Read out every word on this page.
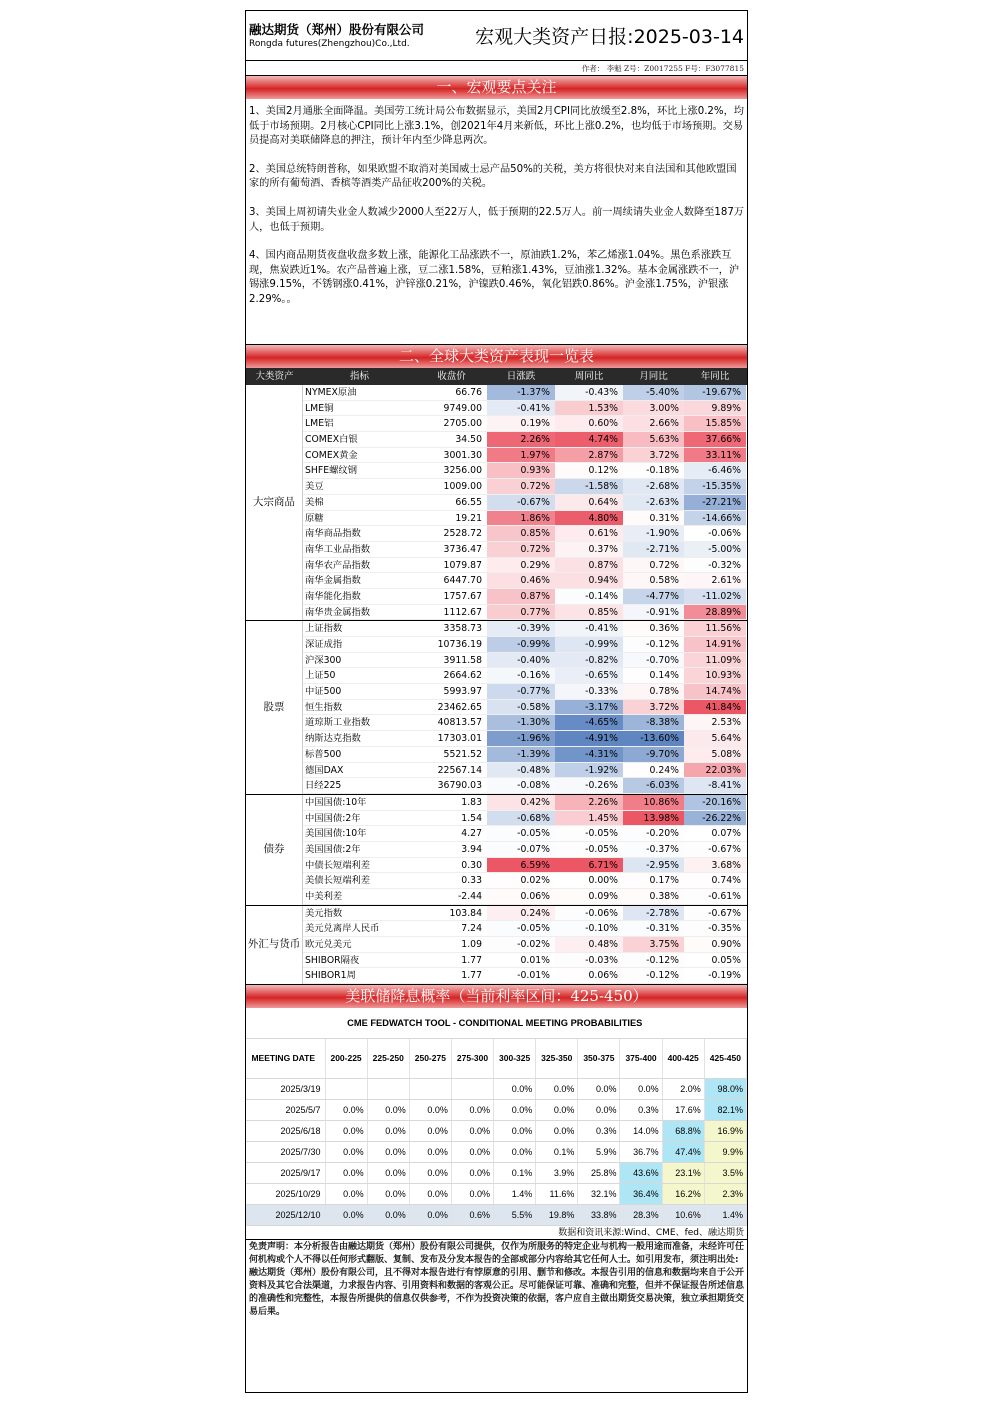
融达期货（郑州）股份有限公司
Rongda futures(Zhengzhou)Co.,Ltd.	宏观大类资产日报:2025-03-14
作者： 李魁 Z号：Z0017255 F号：F3077815
一、宏观要点关注

1、美国2月通胀全面降温。美国劳工统计局公布数据显示，美国2月CPI同比放缓至2.8%，环比上涨0.2%，均低于市场预期。2月核心CPI同比上涨3.1%，创2021年4月来新低，环比上涨0.2%，也均低于市场预期。交易员提高对美联储降息的押注，预计年内至少降息两次。

2、美国总统特朗普称，如果欧盟不取消对美国威士忌产品50%的关税，美方将很快对来自法国和其他欧盟国家的所有葡萄酒、香槟等酒类产品征收200%的关税。

3、美国上周初请失业金人数减少2000人至22万人，低于预期的22.5万人。前一周续请失业金人数降至187万人，也低于预期。

4、国内商品期货夜盘收盘多数上涨，能源化工品涨跌不一，原油跌1.2%，苯乙烯涨1.04%。黑色系涨跌互现，焦炭跌近1%。农产品普遍上涨，豆二涨1.58%，豆粕涨1.43%，豆油涨1.32%。基本金属涨跌不一，沪锡涨9.15%，不锈钢涨0.41%，沪锌涨0.21%，沪镍跌0.46%，氧化铝跌0.86%。沪金涨1.75%，沪银涨2.29%。。

二、全球大类资产表现一览表
大类资产	指标	收盘价	日涨跌	周同比	月同比	年同比
大宗商品
NYMEX原油	66.76	-1.37%	-0.43%	-5.40%	-19.67%
LME铜	9749.00	-0.41%	1.53%	3.00%	9.89%
LME铝	2705.00	0.19%	0.60%	2.66%	15.85%
COMEX白银	34.50	2.26%	4.74%	5.63%	37.66%
COMEX黄金	3001.30	1.97%	2.87%	3.72%	33.11%
SHFE螺纹钢	3256.00	0.93%	0.12%	-0.18%	-6.46%
美豆	1009.00	0.72%	-1.58%	-2.68%	-15.35%
美棉	66.55	-0.67%	0.64%	-2.63%	-27.21%
原糖	19.21	1.86%	4.80%	0.31%	-14.66%
南华商品指数	2528.72	0.85%	0.61%	-1.90%	-0.06%
南华工业品指数	3736.47	0.72%	0.37%	-2.71%	-5.00%
南华农产品指数	1079.87	0.29%	0.87%	0.72%	-0.32%
南华金属指数	6447.70	0.46%	0.94%	0.58%	2.61%
南华能化指数	1757.67	0.87%	-0.14%	-4.77%	-11.02%
南华贵金属指数	1112.67	0.77%	0.85%	-0.91%	28.89%
股票
上证指数	3358.73	-0.39%	-0.41%	0.36%	11.56%
深证成指	10736.19	-0.99%	-0.99%	-0.12%	14.91%
沪深300	3911.58	-0.40%	-0.82%	-0.70%	11.09%
上证50	2664.62	-0.16%	-0.65%	0.14%	10.93%
中证500	5993.97	-0.77%	-0.33%	0.78%	14.74%
恒生指数	23462.65	-0.58%	-3.17%	3.72%	41.84%
道琼斯工业指数	40813.57	-1.30%	-4.65%	-8.38%	2.53%
纳斯达克指数	17303.01	-1.96%	-4.91%	-13.60%	5.64%
标普500	5521.52	-1.39%	-4.31%	-9.70%	5.08%
德国DAX	22567.14	-0.48%	-1.92%	0.24%	22.03%
日经225	36790.03	-0.08%	-0.26%	-6.03%	-8.41%
债券
中国国债:10年	1.83	0.42%	2.26%	10.86%	-20.16%
中国国债:2年	1.54	-0.68%	1.45%	13.98%	-26.22%
美国国债:10年	4.27	-0.05%	-0.05%	-0.20%	0.07%
美国国债:2年	3.94	-0.07%	-0.05%	-0.37%	-0.67%
中债长短端利差	0.30	6.59%	6.71%	-2.95%	3.68%
美债长短端利差	0.33	0.02%	0.00%	0.17%	0.74%
中美利差	-2.44	0.06%	0.09%	0.38%	-0.61%
外汇与货币
美元指数	103.84	0.24%	-0.06%	-2.78%	-0.67%
美元兑离岸人民币	7.24	-0.05%	-0.10%	-0.31%	-0.35%
欧元兑美元	1.09	-0.02%	0.48%	3.75%	0.90%
SHIBOR隔夜	1.77	0.01%	-0.03%	-0.12%	0.05%
SHIBOR1周	1.77	-0.01%	0.06%	-0.12%	-0.19%
美联储降息概率（当前利率区间：425-450）
CME FEDWATCH TOOL - CONDITIONAL MEETING PROBABILITIES										
MEETING DATE	200-225	225-250	250-275	275-300	300-325	325-350	350-375	375-400	400-425	425-450
2025/3/19					0.0%	0.0%	0.0%	0.0%	2.0%	98.0%
2025/5/7	0.0%	0.0%	0.0%	0.0%	0.0%	0.0%	0.0%	0.3%	17.6%	82.1%
2025/6/18	0.0%	0.0%	0.0%	0.0%	0.0%	0.0%	0.3%	14.0%	68.8%	16.9%
2025/7/30	0.0%	0.0%	0.0%	0.0%	0.0%	0.1%	5.9%	36.7%	47.4%	9.9%
2025/9/17	0.0%	0.0%	0.0%	0.0%	0.1%	3.9%	25.8%	43.6%	23.1%	3.5%
2025/10/29	0.0%	0.0%	0.0%	0.0%	1.4%	11.6%	32.1%	36.4%	16.2%	2.3%
2025/12/10	0.0%	0.0%	0.0%	0.6%	5.5%	19.8%	33.8%	28.3%	10.6%	1.4%
数据和资讯来源:Wind、CME、fed、融达期货
免责声明：本分析报告由融达期货（郑州）股份有限公司提供，仅作为所服务的特定企业与机构一般用途而准备，未经许可任何机构或个人不得以任何形式翻版、复制、发布及分发本报告的全部或部分内容给其它任何人士。如引用发布，须注明出处:融达期货（郑州）股份有限公司，且不得对本报告进行有悖原意的引用、删节和修改。本报告引用的信息和数据均来自于公开资料及其它合法渠道，力求报告内容、引用资料和数据的客观公正。尽可能保证可靠、准确和完整，但并不保证报告所述信息的准确性和完整性，本报告所提供的信息仅供参考，不作为投资决策的依据，客户应自主做出期货交易决策，独立承担期货交易后果。
